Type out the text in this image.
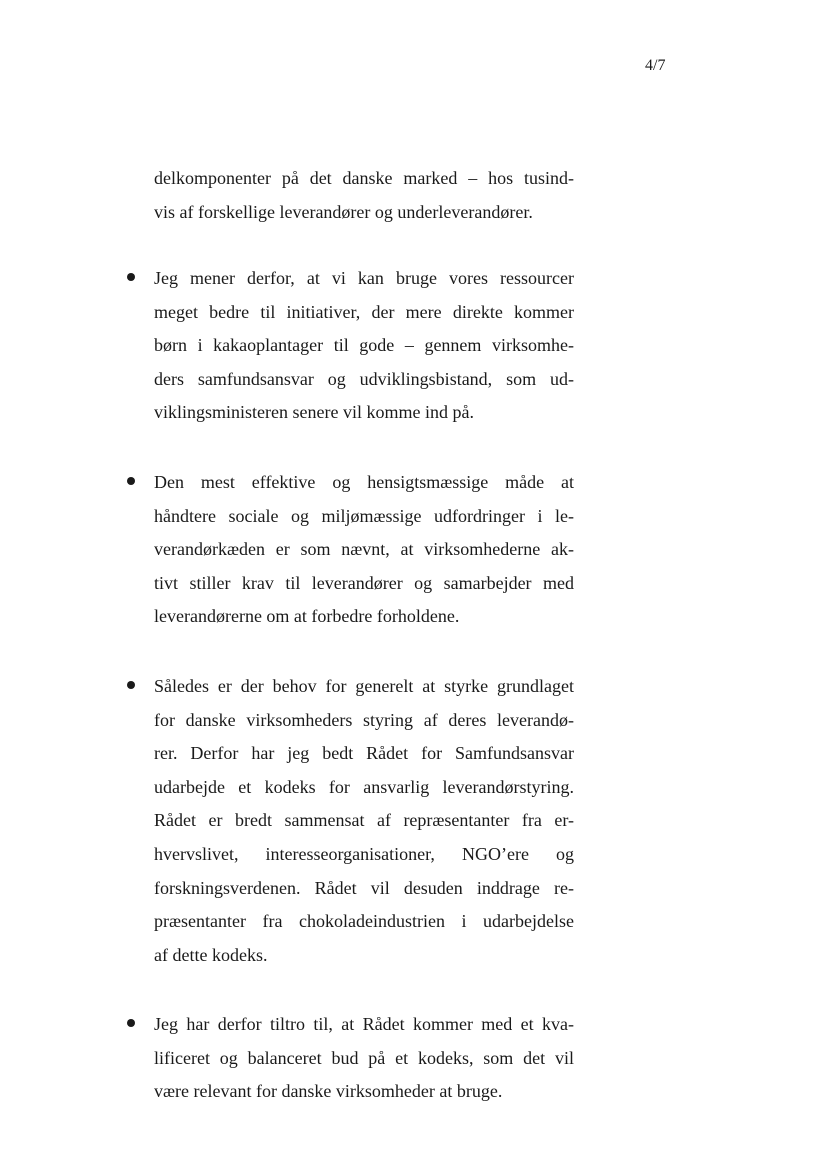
4/7
delkomponenter på det danske marked – hos tusind-
vis af forskellige leverandører og underleverandører.
Jeg mener derfor, at vi kan bruge vores ressourcer
meget bedre til initiativer, der mere direkte kommer
børn i kakaoplantager til gode – gennem virksomhe-
ders samfundsansvar og udviklingsbistand, som ud-
viklingsministeren senere vil komme ind på.
Den mest effektive og hensigtsmæssige måde at
håndtere sociale og miljømæssige udfordringer i le-
verandørkæden er som nævnt, at virksomhederne ak-
tivt stiller krav til leverandører og samarbejder med
leverandørerne om at forbedre forholdene.
Således er der behov for generelt at styrke grundlaget
for danske virksomheders styring af deres leverandø-
rer. Derfor har jeg bedt Rådet for Samfundsansvar
udarbejde et kodeks for ansvarlig leverandørstyring.
Rådet er bredt sammensat af repræsentanter fra er-
hvervslivet, interesseorganisationer, NGO’ere og
forskningsverdenen. Rådet vil desuden inddrage re-
præsentanter fra chokoladeindustrien i udarbejdelse
af dette kodeks.
Jeg har derfor tiltro til, at Rådet kommer med et kva-
lificeret og balanceret bud på et kodeks, som det vil
være relevant for danske virksomheder at bruge.
